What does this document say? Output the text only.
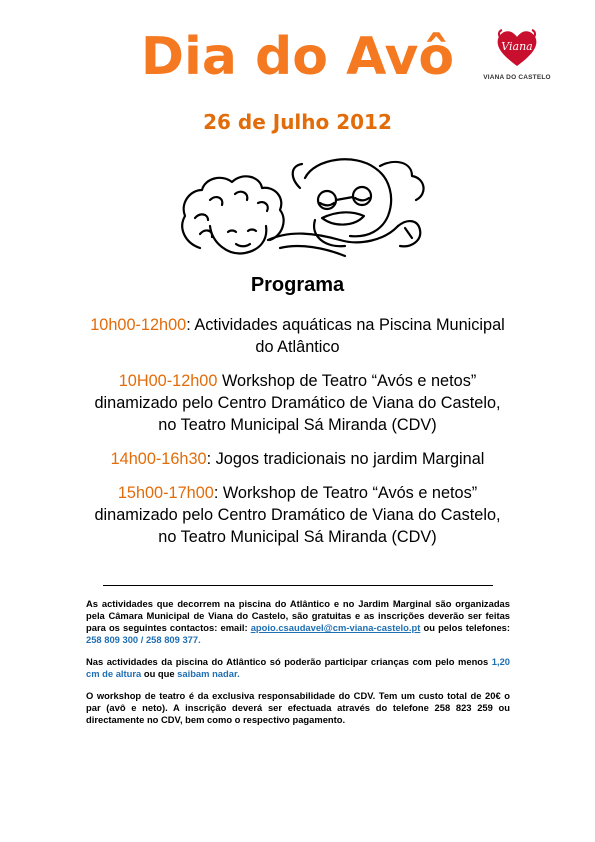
Dia do Avô	Viana
VIANA DO CASTELO
26 de Julho 2012
Programa

10h00-12h00: Actividades aquáticas na Piscina Municipal do Atlântico

10H00-12h00 Workshop de Teatro “Avós e netos” dinamizado pelo Centro Dramático de Viana do Castelo, no Teatro Municipal Sá Miranda (CDV)

14h00-16h30: Jogos tradicionais no jardim Marginal

15h00-17h00: Workshop de Teatro “Avós e netos” dinamizado pelo Centro Dramático de Viana do Castelo, no Teatro Municipal Sá Miranda (CDV)

As actividades que decorrem na piscina do Atlântico e no Jardim Marginal são organizadas pela Câmara Municipal de Viana do Castelo, são gratuitas e as inscrições deverão ser feitas para os seguintes contactos: email: apoio.csaudavel@cm-viana-castelo.pt ou pelos telefones: 258 809 300 / 258 809 377.

Nas actividades da piscina do Atlântico só poderão participar crianças com pelo menos 1,20 cm de altura ou que saibam nadar.

O workshop de teatro é da exclusiva responsabilidade do CDV. Tem um custo total de 20€ o par (avô e neto). A inscrição deverá ser efectuada através do telefone 258 823 259 ou directamente no CDV, bem como o respectivo pagamento.
